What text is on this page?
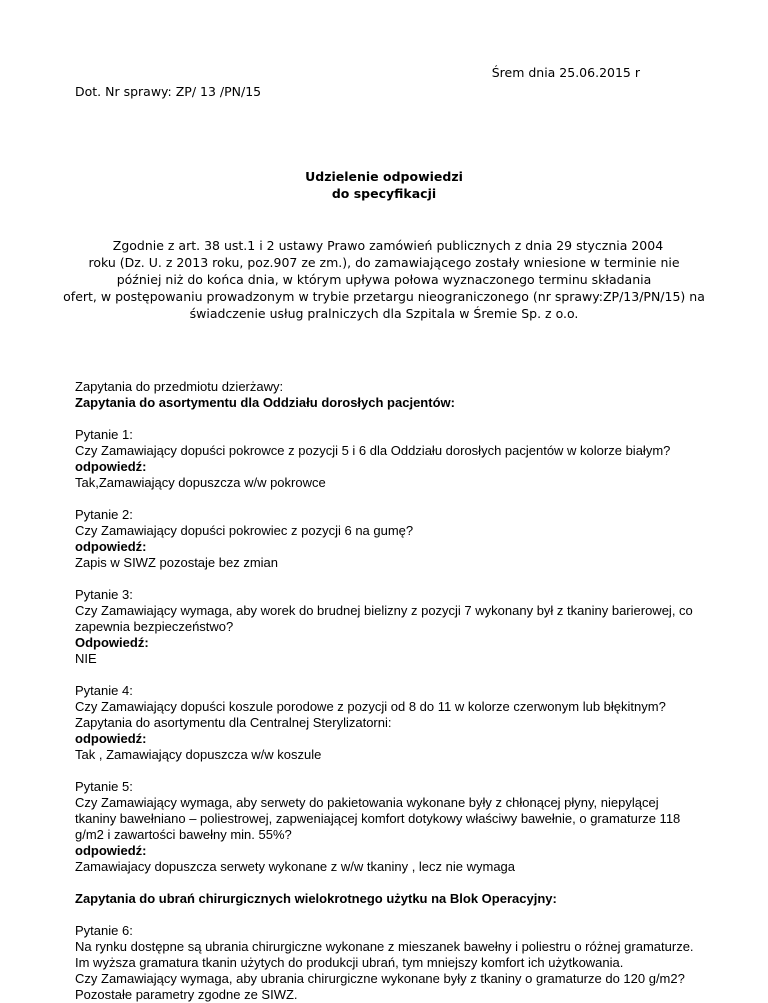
Śrem dnia 25.06.2015 r
Dot. Nr sprawy: ZP/ 13 /PN/15
Udzielenie odpowiedzi
do specyfikacji
Zgodnie z art. 38 ust.1 i 2 ustawy Prawo zamówień publicznych z dnia 29 stycznia 2004
roku (Dz. U. z 2013 roku, poz.907 ze zm.), do zamawiającego zostały wniesione w terminie nie
później niż do końca dnia, w którym upływa połowa wyznaczonego terminu składania
ofert, w postępowaniu prowadzonym w trybie przetargu nieograniczonego (nr sprawy:ZP/13/PN/15) na
świadczenie usług pralniczych dla Szpitala w Śremie Sp. z o.o.
Zapytania do przedmiotu dzierżawy:
Zapytania do asortymentu dla Oddziału dorosłych pacjentów:
Pytanie 1:
Czy Zamawiający dopuści pokrowce z pozycji 5 i 6 dla Oddziału dorosłych pacjentów w kolorze białym?
odpowiedź:
Tak,Zamawiający dopuszcza w/w pokrowce
Pytanie 2:
Czy Zamawiający dopuści pokrowiec z pozycji 6 na gumę?
odpowiedź:
Zapis w SIWZ pozostaje bez zmian
Pytanie 3:
Czy Zamawiający wymaga, aby worek do brudnej bielizny z pozycji 7 wykonany był z tkaniny barierowej, co
zapewnia bezpieczeństwo?
Odpowiedź:
NIE
Pytanie 4:
Czy Zamawiający dopuści koszule porodowe z pozycji od 8 do 11 w kolorze czerwonym lub błękitnym?
Zapytania do asortymentu dla Centralnej Sterylizatorni:
odpowiedź:
Tak , Zamawiający dopuszcza w/w koszule
Pytanie 5:
Czy Zamawiający wymaga, aby serwety do pakietowania wykonane były z chłonącej płyny, niepylącej
tkaniny bawełniano – poliestrowej, zapweniającej komfort dotykowy właściwy bawełnie, o gramaturze 118
g/m2 i zawartości bawełny min. 55%?
odpowiedź:
Zamawiajacy dopuszcza serwety wykonane z w/w tkaniny , lecz nie wymaga
Zapytania do ubrań chirurgicznych wielokrotnego użytku na Blok Operacyjny:
Pytanie 6:
Na rynku dostępne są ubrania chirurgiczne wykonane z mieszanek bawełny i poliestru o różnej gramaturze.
Im wyższa gramatura tkanin użytych do produkcji ubrań, tym mniejszy komfort ich użytkowania.
Czy Zamawiający wymaga, aby ubrania chirurgiczne wykonane były z tkaniny o gramaturze do 120 g/m2?
Pozostałe parametry zgodne ze SIWZ.
